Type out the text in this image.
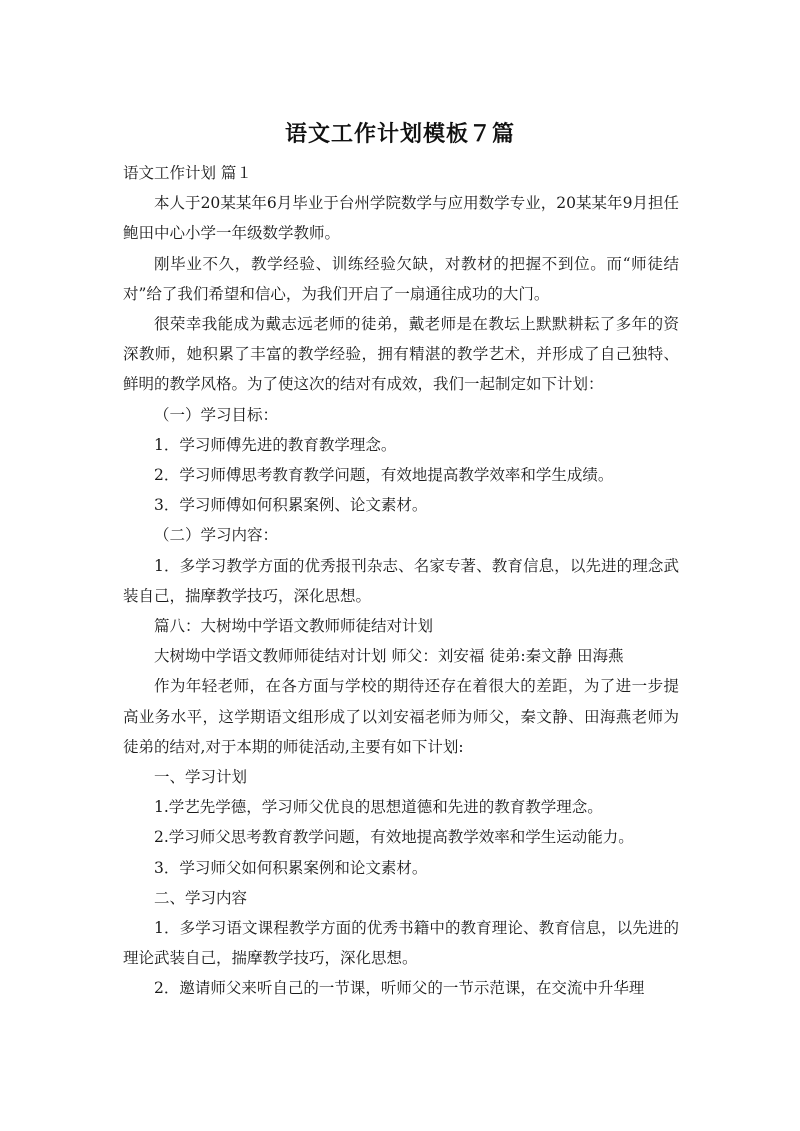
语文工作计划模板７篇

语文工作计划 篇１

本人于20某某年6月毕业于台州学院数学与应用数学专业，20某某年9月担任鲍田中心小学一年级数学教师。

刚毕业不久，教学经验、训练经验欠缺，对教材的把握不到位。而“师徒结对”给了我们希望和信心，为我们开启了一扇通往成功的大门。

很荣幸我能成为戴志远老师的徒弟，戴老师是在教坛上默默耕耘了多年的资深教师，她积累了丰富的教学经验，拥有精湛的教学艺术，并形成了自己独特、鲜明的教学风格。为了使这次的结对有成效，我们一起制定如下计划：

（一）学习目标：

1．学习师傅先进的教育教学理念。

2．学习师傅思考教育教学问题，有效地提高教学效率和学生成绩。

3．学习师傅如何积累案例、论文素材。

（二）学习内容：

1．多学习教学方面的优秀报刊杂志、名家专著、教育信息，以先进的理念武装自己，揣摩教学技巧，深化思想。

篇八：大树坳中学语文教师师徒结对计划

大树坳中学语文教师师徒结对计划 师父：刘安福 徒弟:秦文静 田海燕

作为年轻老师，在各方面与学校的期待还存在着很大的差距，为了进一步提高业务水平，这学期语文组形成了以刘安福老师为师父，秦文静、田海燕老师为徒弟的结对,对于本期的师徒活动,主要有如下计划:

一、学习计划

1.学艺先学德，学习师父优良的思想道德和先进的教育教学理念。

2.学习师父思考教育教学问题，有效地提高教学效率和学生运动能力。

3．学习师父如何积累案例和论文素材。

二、学习内容

1．多学习语文课程教学方面的优秀书籍中的教育理论、教育信息，以先进的理论武装自己，揣摩教学技巧，深化思想。

2．邀请师父来听自己的一节课，听师父的一节示范课，在交流中升华理
